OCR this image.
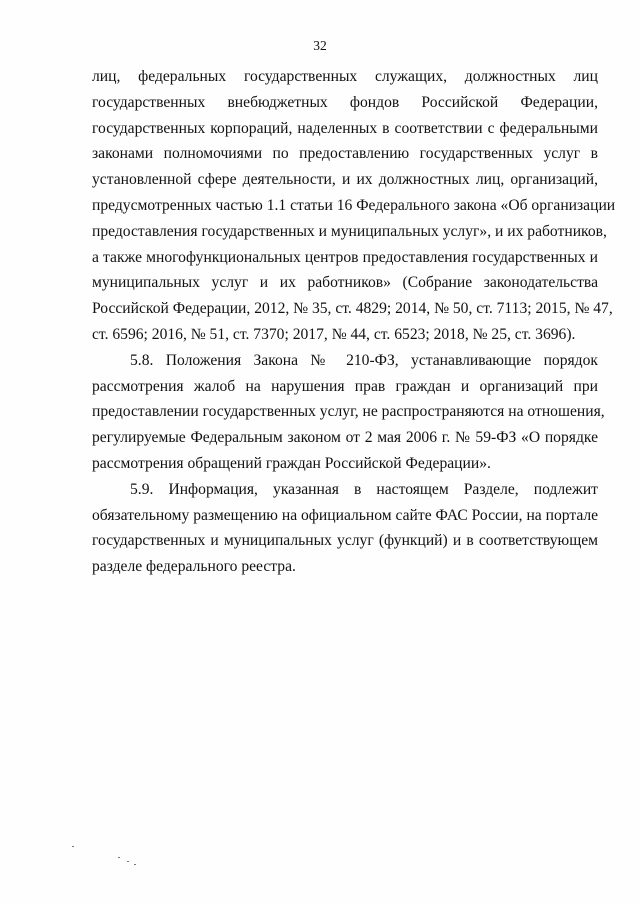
32
лиц, федеральных государственных служащих, должностных лиц
государственных внебюджетных фондов Российской Федерации,
государственных корпораций, наделенных в соответствии с федеральными
законами полномочиями по предоставлению государственных услуг в
установленной сфере деятельности, и их должностных лиц, организаций,
предусмотренных частью 1.1 статьи 16 Федерального закона «Об организации
предоставления государственных и муниципальных услуг», и их работников,
а также многофункциональных центров предоставления государственных и
муниципальных услуг и их работников» (Собрание законодательства
Российской Федерации, 2012, № 35, ст. 4829; 2014, № 50, ст. 7113; 2015, № 47,
ст. 6596; 2016, № 51, ст. 7370; 2017, № 44, ст. 6523; 2018, № 25, ст. 3696).
5.8. Положения Закона № 210-ФЗ, устанавливающие порядок
рассмотрения жалоб на нарушения прав граждан и организаций при
предоставлении государственных услуг, не распространяются на отношения,
регулируемые Федеральным законом от 2 мая 2006 г. № 59-ФЗ «О порядке
рассмотрения обращений граждан Российской Федерации».
5.9. Информация, указанная в настоящем Разделе, подлежит
обязательному размещению на официальном сайте ФАС России, на портале
государственных и муниципальных услуг (функций) и в соответствующем
разделе федерального реестра.
